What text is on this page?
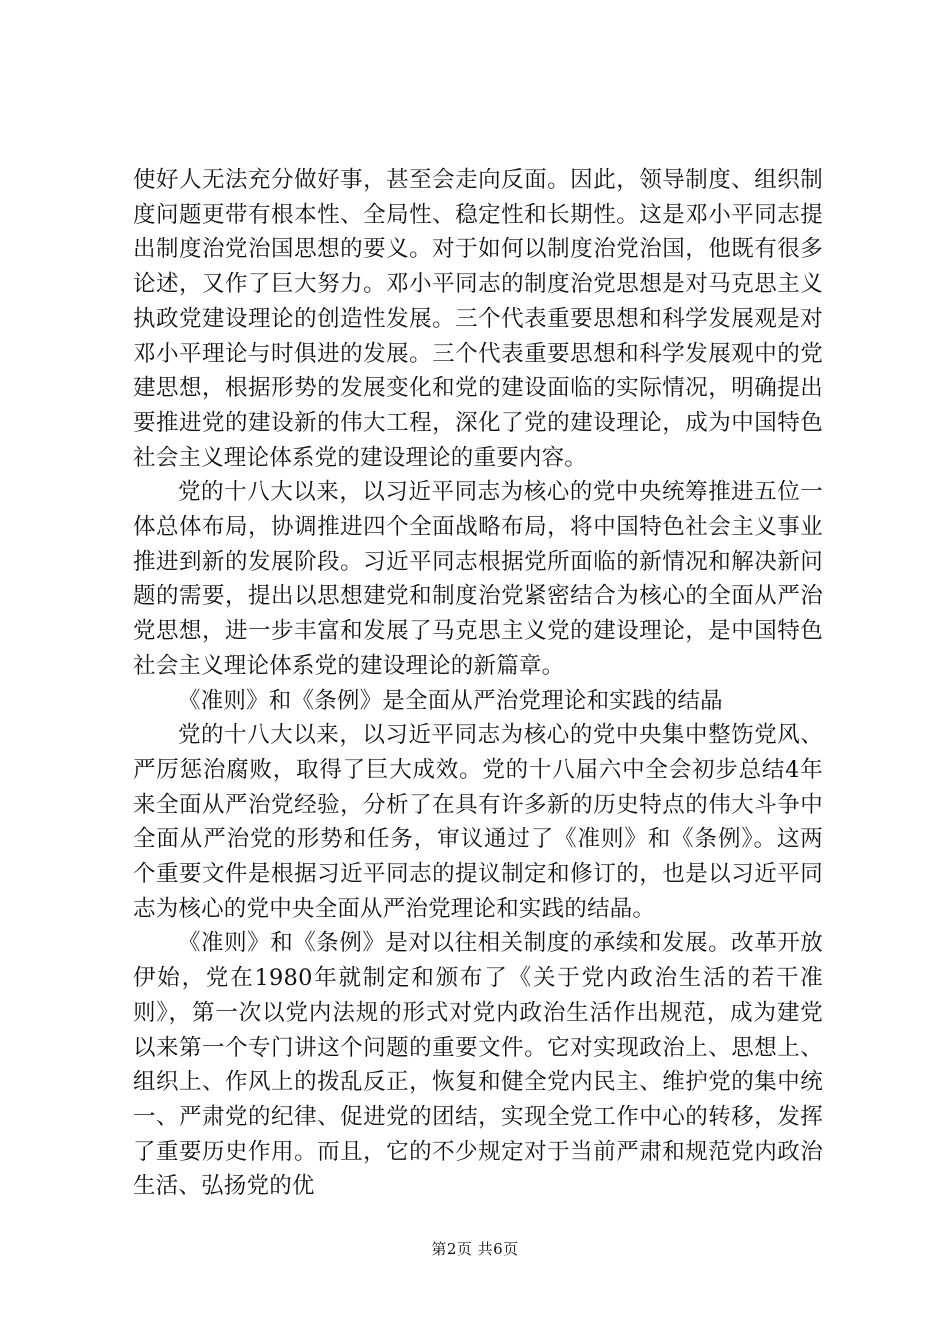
使好人无法充分做好事，甚至会走向反面。因此，领导制度、组织制度问题更带有根本性、全局性、稳定性和长期性。这是邓小平同志提出制度治党治国思想的要义。对于如何以制度治党治国，他既有很多论述，又作了巨大努力。邓小平同志的制度治党思想是对马克思主义执政党建设理论的创造性发展。三个代表重要思想和科学发展观是对邓小平理论与时俱进的发展。三个代表重要思想和科学发展观中的党建思想，根据形势的发展变化和党的建设面临的实际情况，明确提出要推进党的建设新的伟大工程，深化了党的建设理论，成为中国特色社会主义理论体系党的建设理论的重要内容。

党的十八大以来，以习近平同志为核心的党中央统筹推进五位一体总体布局，协调推进四个全面战略布局，将中国特色社会主义事业推进到新的发展阶段。习近平同志根据党所面临的新情况和解决新问题的需要，提出以思想建党和制度治党紧密结合为核心的全面从严治党思想，进一步丰富和发展了马克思主义党的建设理论，是中国特色社会主义理论体系党的建设理论的新篇章。

《准则》和《条例》是全面从严治党理论和实践的结晶

党的十八大以来，以习近平同志为核心的党中央集中整饬党风、严厉惩治腐败，取得了巨大成效。党的十八届六中全会初步总结4年来全面从严治党经验，分析了在具有许多新的历史特点的伟大斗争中全面从严治党的形势和任务，审议通过了《准则》和《条例》。这两个重要文件是根据习近平同志的提议制定和修订的，也是以习近平同志为核心的党中央全面从严治党理论和实践的结晶。

《准则》和《条例》是对以往相关制度的承续和发展。改革开放伊始，党在1980年就制定和颁布了《关于党内政治生活的若干准则》，第一次以党内法规的形式对党内政治生活作出规范，成为建党以来第一个专门讲这个问题的重要文件。它对实现政治上、思想上、组织上、作风上的拨乱反正，恢复和健全党内民主、维护党的集中统一、严肃党的纪律、促进党的团结，实现全党工作中心的转移，发挥了重要历史作用。而且，它的不少规定对于当前严肃和规范党内政治生活、弘扬党的优

第2页 共6页
